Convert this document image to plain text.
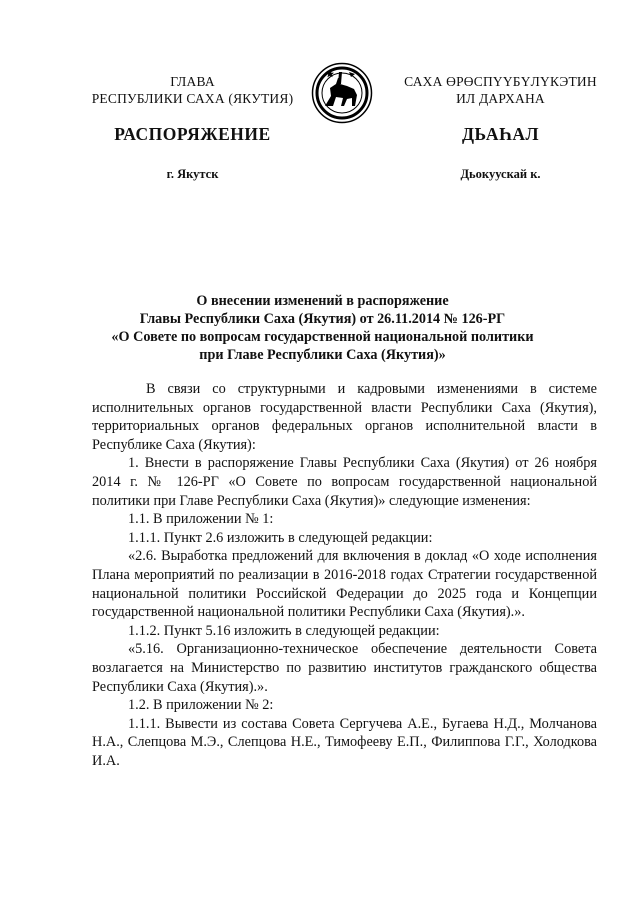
ГЛАВА
РЕСПУБЛИКИ САХА (ЯКУТИЯ)
САХА ӨРӨСПҮҮБҮЛҮКЭТИН
ИЛ ДАРХАНА
РАСПОРЯЖЕНИЕ	ДЬАҺАЛ
г. Якутск	Дьокуускай к.
О внесении изменений в распоряжение
Главы Республики Саха (Якутия) от 26.11.2014 № 126-РГ
«О Совете по вопросам государственной национальной политики
при Главе Республики Саха (Якутия)»

В связи со структурными и кадровыми изменениями в системе исполнительных органов государственной власти Республики Саха (Якутия), территориальных органов федеральных органов исполнительной власти в Республике Саха (Якутия):

1. Внести в распоряжение Главы Республики Саха (Якутия) от 26 ноября 2014 г. № 126-РГ «О Совете по вопросам государственной национальной политики при Главе Республики Саха (Якутия)» следующие изменения:

1.1. В приложении № 1:

1.1.1. Пункт 2.6 изложить в следующей редакции:

«2.6. Выработка предложений для включения в доклад «О ходе исполнения Плана мероприятий по реализации в 2016-2018 годах Стратегии государственной национальной политики Российской Федерации до 2025 года и Концепции государственной национальной политики Республики Саха (Якутия).».

1.1.2. Пункт 5.16 изложить в следующей редакции:

«5.16. Организационно-техническое обеспечение деятельности Совета возлагается на Министерство по развитию институтов гражданского общества Республики Саха (Якутия).».

1.2. В приложении № 2:

1.1.1. Вывести из состава Совета Сергучева А.Е., Бугаева Н.Д., Молчанова Н.А., Слепцова М.Э., Слепцова Н.Е., Тимофееву Е.П., Филиппова Г.Г., Холодкова И.А.
